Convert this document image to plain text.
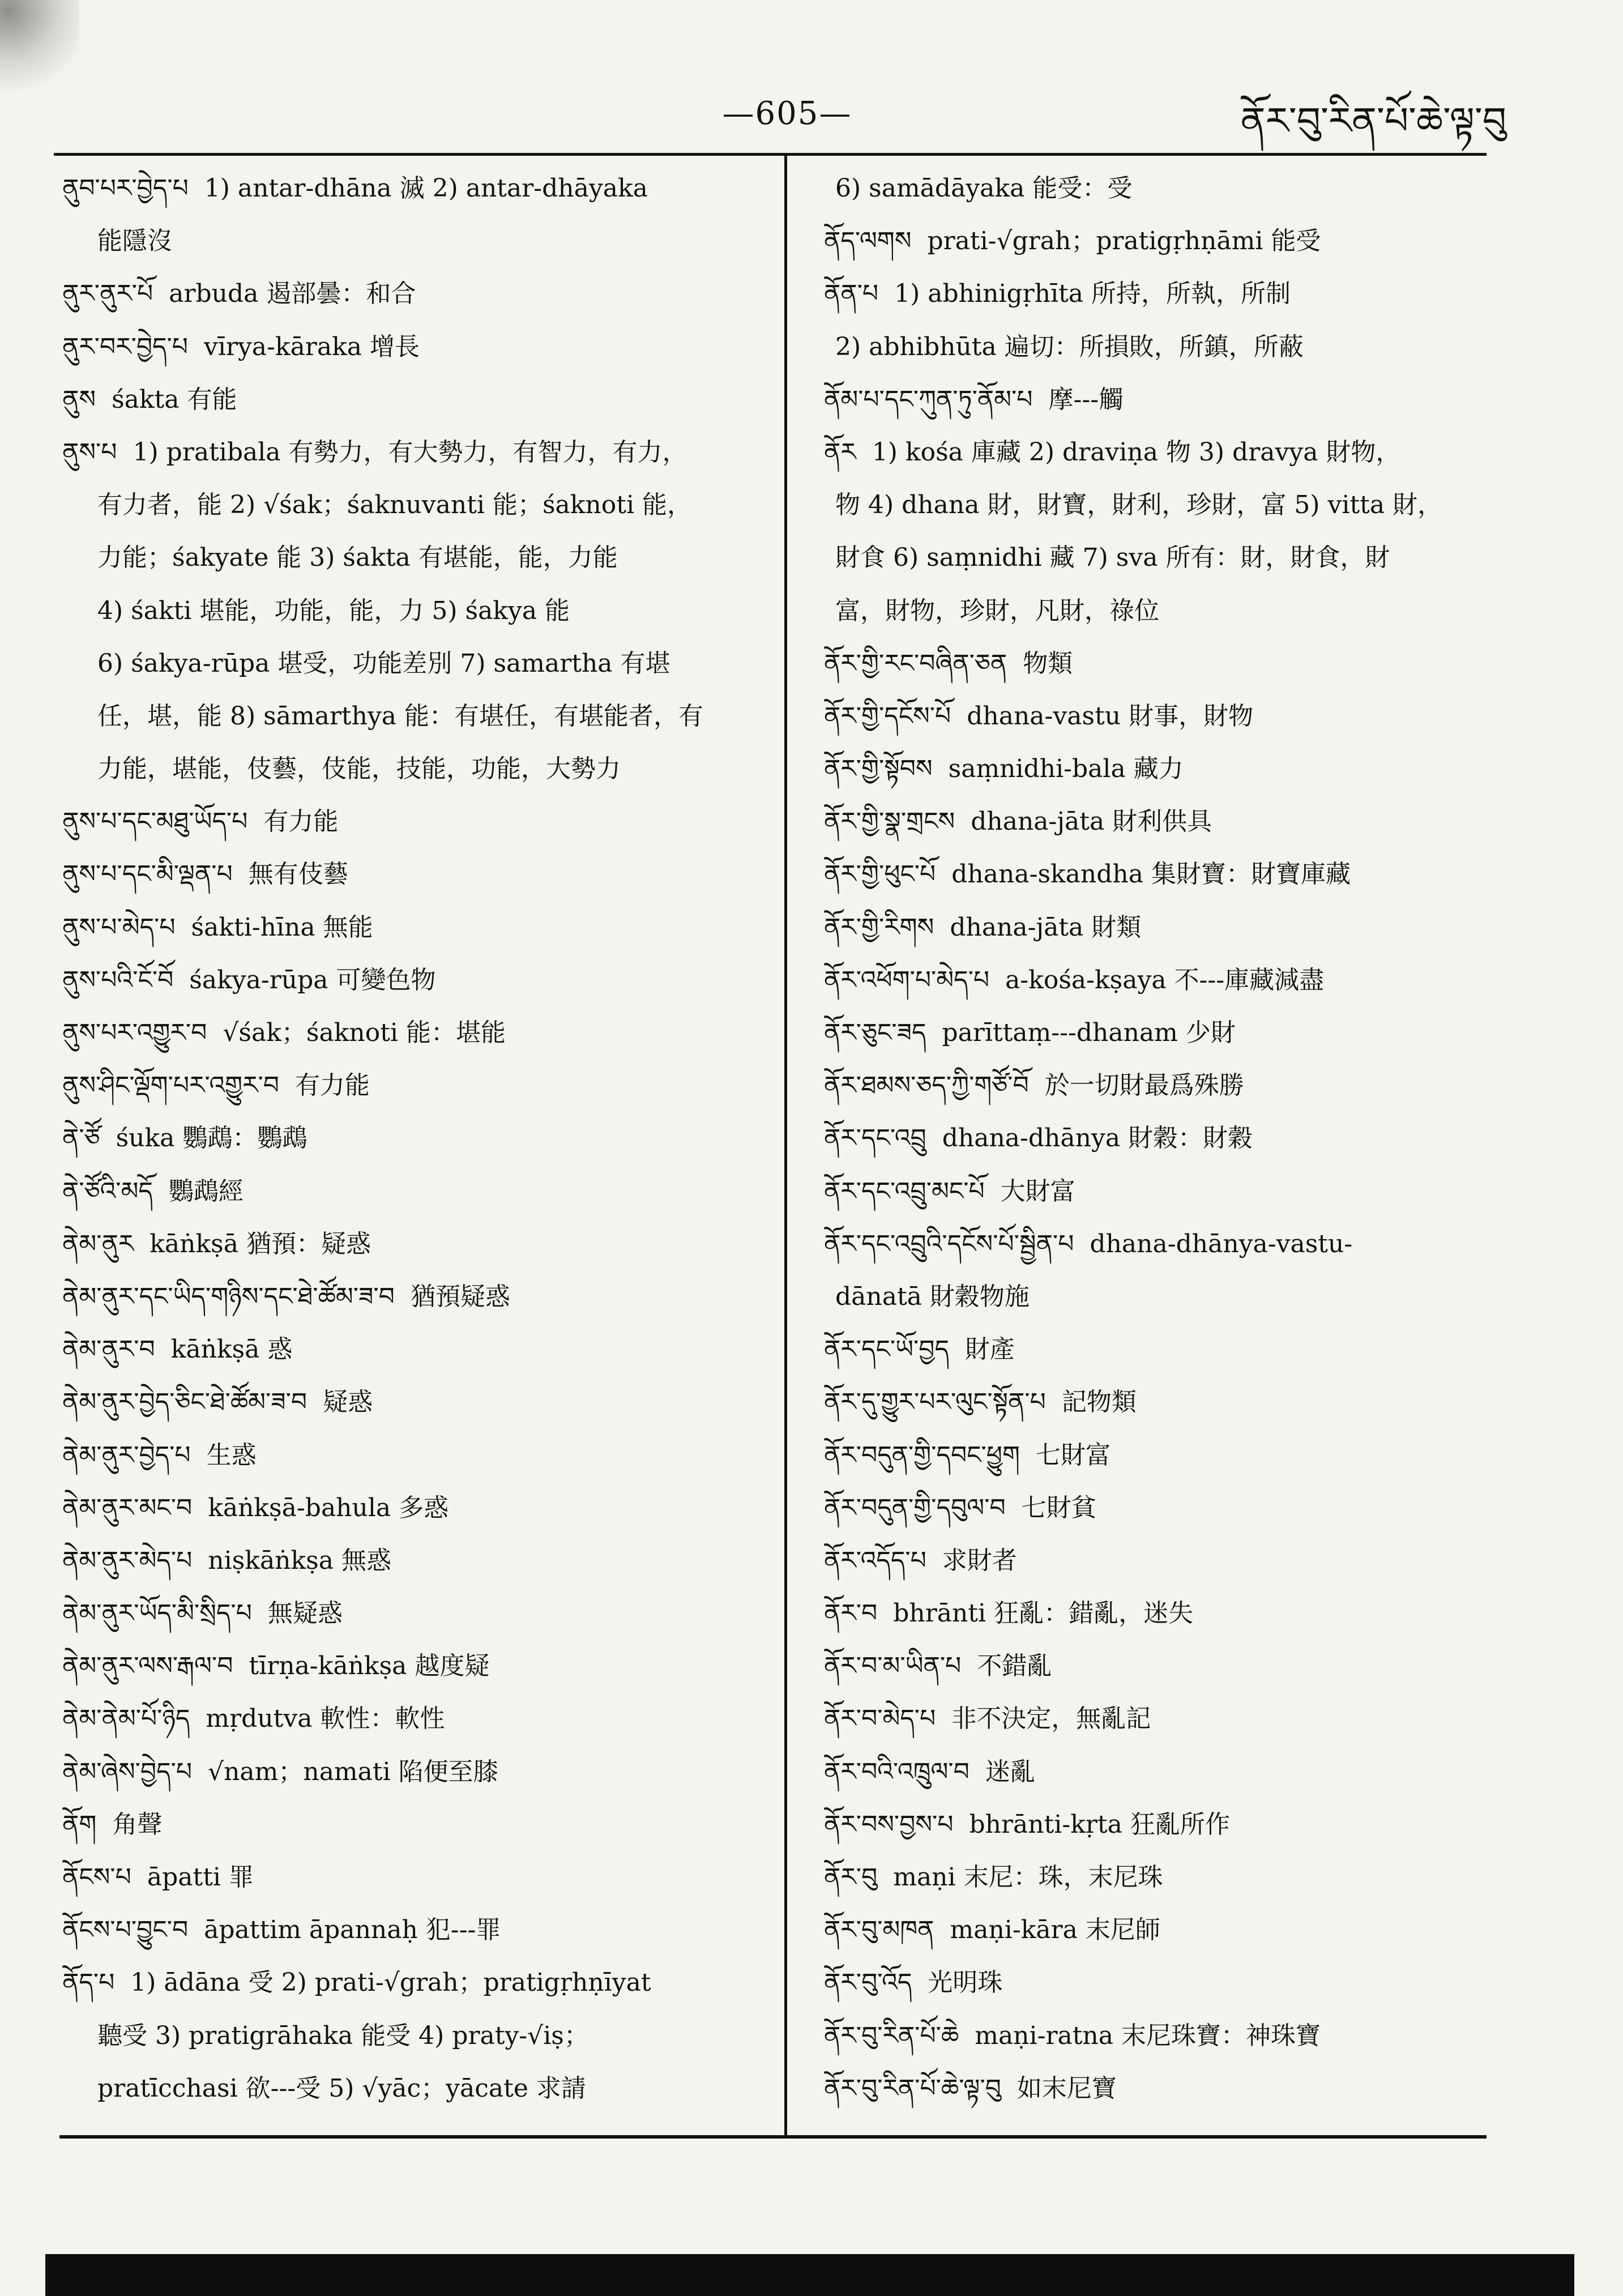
—605—	ནོར་བུ་རིན་པོ་ཆེ་ལྟ་བུ
ནུབ་པར་བྱེད་པ 1) antar-dhāna 滅 2) antar-dhāyaka
能隱沒
ནུར་ནུར་པོ arbuda 遏部曇：和合
ནུར་བར་བྱེད་པ vīrya-kāraka 增長
ནུས śakta 有能
ནུས་པ 1) pratibala 有勢力，有大勢力，有智力，有力，
有力者，能 2) √śak；śaknuvanti 能；śaknoti 能，
力能；śakyate 能 3) śakta 有堪能，能，力能
4) śakti 堪能，功能，能，力 5) śakya 能
6) śakya-rūpa 堪受，功能差別 7) samartha 有堪
任，堪，能 8) sāmarthya 能：有堪任，有堪能者，有
力能，堪能，伎藝，伎能，技能，功能，大勢力
ནུས་པ་དང་མཐུ་ཡོད་པ 有力能
ནུས་པ་དང་མི་ལྡན་པ 無有伎藝
ནུས་པ་མེད་པ śakti-hīna 無能
ནུས་པའི་ངོ་བོ śakya-rūpa 可變色物
ནུས་པར་འགྱུར་བ √śak；śaknoti 能：堪能
ནུས་ཤིང་ལྡོག་པར་འགྱུར་བ 有力能
ནེ་ཙོ śuka 鸚鵡：鸚鵡
ནེ་ཙོའི་མདོ 鸚鵡經
ནེམ་ནུར kāṅkṣā 猶預：疑惑
ནེམ་ནུར་དང་ཡིད་གཉིས་དང་ཐེ་ཚོམ་ཟ་བ 猶預疑惑
ནེམ་ནུར་བ kāṅkṣā 惑
ནེམ་ནུར་བྱེད་ཅིང་ཐེ་ཚོམ་ཟ་བ 疑惑
ནེམ་ནུར་བྱེད་པ 生惑
ནེམ་ནུར་མང་བ kāṅkṣā-bahula 多惑
ནེམ་ནུར་མེད་པ niṣkāṅkṣa 無惑
ནེམ་ནུར་ཡོད་མི་སྲིད་པ 無疑惑
ནེམ་ནུར་ལས་རྒལ་བ tīrṇa-kāṅkṣa 越度疑
ནེམ་ནེམ་པོ་ཉིད mṛdutva 軟性：軟性
ནེམ་ཞེས་བྱེད་པ √nam；namati 陷便至膝
ནོག 角聲
ནོངས་པ āpatti 罪
ནོངས་པ་བྱུང་བ āpattim āpannaḥ 犯---罪
ནོད་པ 1) ādāna 受 2) prati-√grah；pratigṛhṇīyat
聽受 3) pratigrāhaka 能受 4) praty-√iṣ；
pratīcchasi 欲---受 5) √yāc；yācate 求請
6) samādāyaka 能受：受
ནོད་ལགས prati-√grah；pratigṛhṇāmi 能受
ནོན་པ 1) abhinigṛhīta 所持，所執，所制
2) abhibhūta 遍切：所損敗，所鎮，所蔽
ནོམ་པ་དང་ཀུན་ཏུ་ནོམ་པ 摩---觸
ནོར 1) kośa 庫藏 2) draviṇa 物 3) dravya 財物，
物 4) dhana 財，財寶，財利，珍財，富 5) vitta 財，
財食 6) saṃnidhi 藏 7) sva 所有：財，財食，財
富，財物，珍財，凡財，祿位
ནོར་གྱི་རང་བཞིན་ཅན 物類
ནོར་གྱི་དངོས་པོ dhana-vastu 財事，財物
ནོར་གྱི་སྟོབས saṃnidhi-bala 藏力
ནོར་གྱི་སྣ་གྲངས dhana-jāta 財利供具
ནོར་གྱི་ཕུང་པོ dhana-skandha 集財寶：財寶庫藏
ནོར་གྱི་རིགས dhana-jāta 財類
ནོར་འཕོག་པ་མེད་པ a-kośa-kṣaya 不---庫藏減盡
ནོར་ཅུང་ཟད parīttaṃ---dhanam 少財
ནོར་ཐམས་ཅད་ཀྱི་གཙོ་བོ 於一切財最爲殊勝
ནོར་དང་འབྲུ dhana-dhānya 財穀：財穀
ནོར་དང་འབྲུ་མང་པོ 大財富
ནོར་དང་འབྲུའི་དངོས་པོ་སྦྱིན་པ dhana-dhānya-vastu-
dānatā 財穀物施
ནོར་དང་ཡོ་བྱད 財產
ནོར་དུ་གྱུར་པར་ལུང་སྟོན་པ 記物類
ནོར་བདུན་གྱི་དབང་ཕྱུག 七財富
ནོར་བདུན་གྱི་དབུལ་བ 七財貧
ནོར་འདོད་པ 求財者
ནོར་བ bhrānti 狂亂：錯亂，迷失
ནོར་བ་མ་ཡིན་པ 不錯亂
ནོར་བ་མེད་པ 非不決定，無亂記
ནོར་བའི་འཁྲུལ་བ 迷亂
ནོར་བས་བྱས་པ bhrānti-kṛta 狂亂所作
ནོར་བུ maṇi 末尼：珠，末尼珠
ནོར་བུ་མཁན maṇi-kāra 末尼師
ནོར་བུ་འོད 光明珠
ནོར་བུ་རིན་པོ་ཆེ maṇi-ratna 末尼珠寶：神珠寶
ནོར་བུ་རིན་པོ་ཆེ་ལྟ་བུ 如末尼寶
